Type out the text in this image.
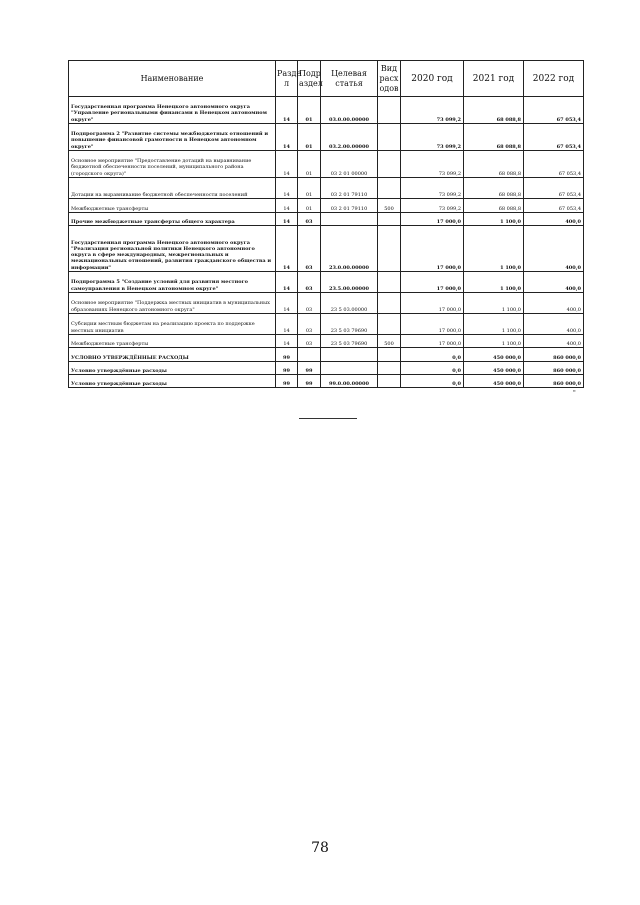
Наименование	Разде л	Подр аздел	Целевая статья	Вид расх одов	2020 год	2021 год	2022 год
Государственная программа Ненецкого автономного округа "Управление региональными финансами в Ненецком автономном округе"	14	01	03.0.00.00000		73 099,2	68 088,8	67 053,4
Подпрограмма 2 "Развитие системы межбюджетных отношений и повышение финансовой грамотности в Ненецком автономном округе"	14	01	03.2.00.00000		73 099,2	68 088,8	67 053,4
Основное мероприятие "Предоставление дотаций на выравнивание бюджетной обеспеченности поселений, муниципального района (городского округа)"	14	01	03 2 01 00000		73 099,2	68 088,8	67 053,4
Дотации на выравнивание бюджетной обеспеченности поселений	14	01	03 2 01 79110		73 099,2	68 088,8	67 053,4
Межбюджетные трансферты	14	01	03 2 01 79110	500	73 099,2	68 088,8	67 053,4
Прочие межбюджетные трансферты общего характера	14	03			17 000,0	1 100,0	400,0
Государственная программа Ненецкого автономного округа "Реализация региональной политики Ненецкого автономного округа в сфере международных, межрегиональных и межнациональных отношений, развития гражданского общества и информации"	14	03	23.0.00.00000		17 000,0	1 100,0	400,0
Подпрограмма 5 "Создание условий для развития местного самоуправления в Ненецком автономном округе"	14	03	23.5.00.00000		17 000,0	1 100,0	400,0
Основное мероприятие "Поддержка местных инициатив в муниципальных образованиях Ненецкого автономного округа"	14	03	23 5 03.00000		17 000,0	1 100,0	400,0
Субсидии местным бюджетам на реализацию проекта по поддержке местных инициатив	14	03	23 5 03 79690		17 000,0	1 100,0	400,0
Межбюджетные трансферты	14	03	23 5 03 79690	500	17 000,0	1 100,0	400,0
УСЛОВНО УТВЕРЖДЁННЫЕ РАСХОДЫ	99				0,0	450 000,0	860 000,0
Условно утверждённые расходы	99	99			0,0	450 000,0	860 000,0
Условно утверждённые расходы	99	99	99.0.00.00000		0,0	450 000,0	860 000,0
"
78
